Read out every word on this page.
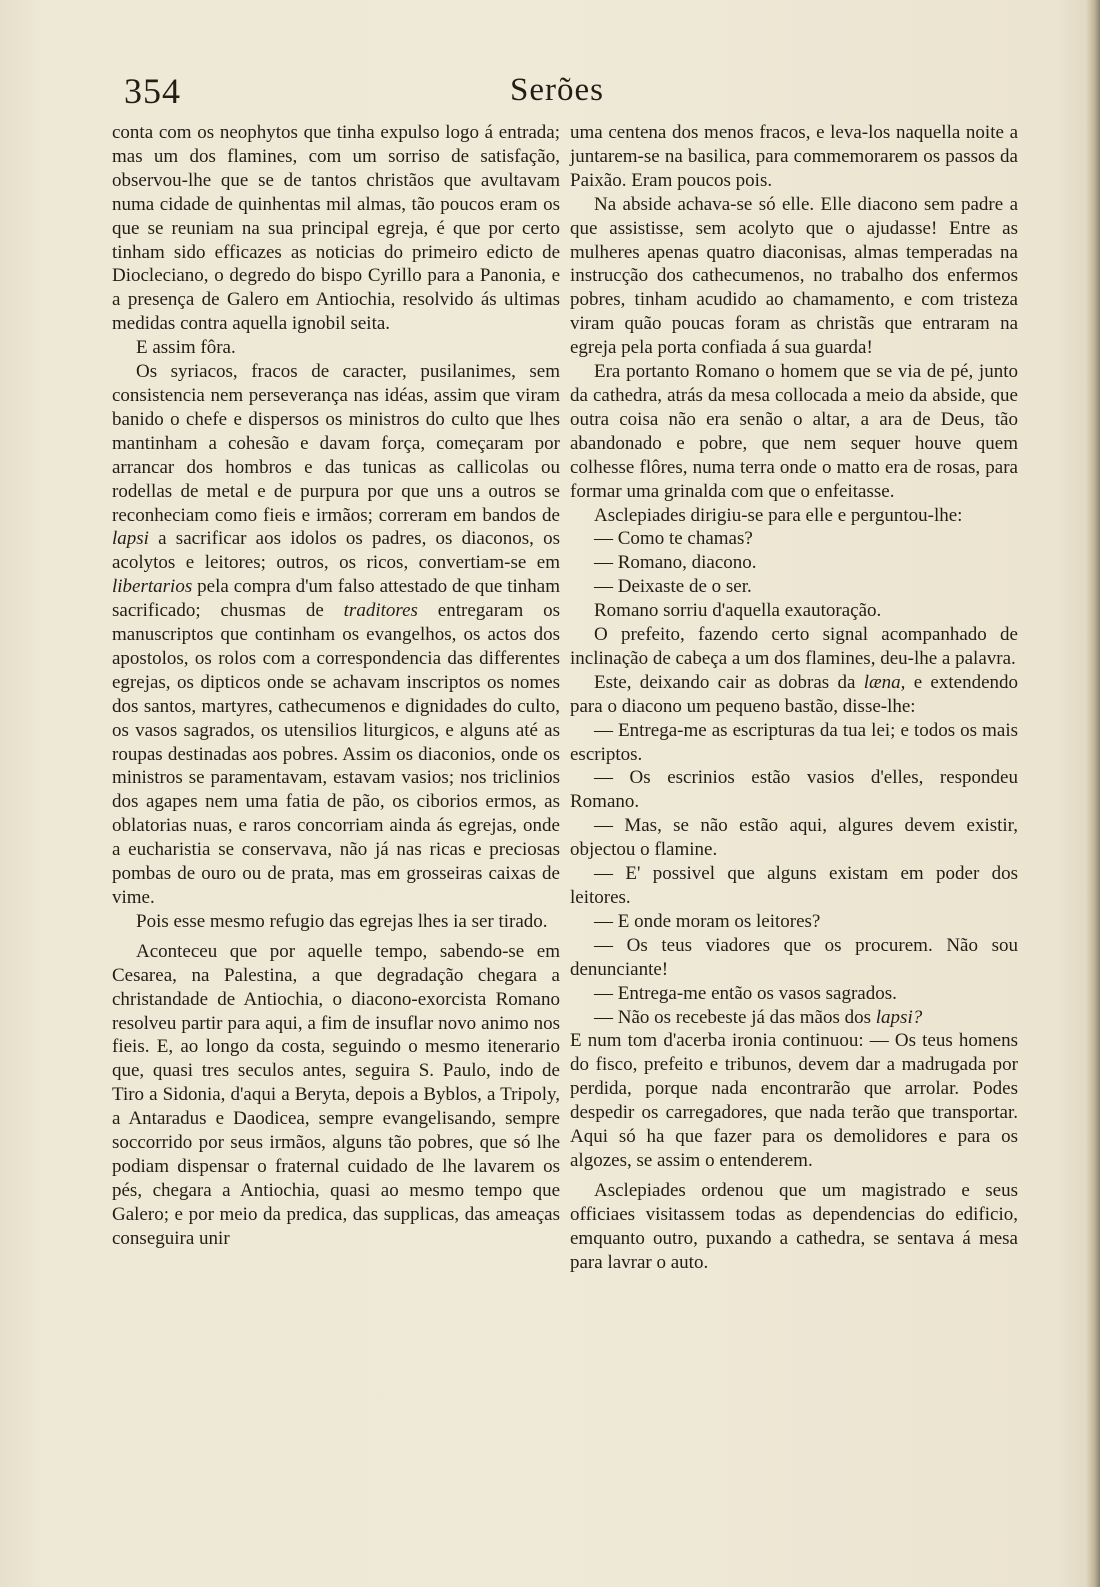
354	Serões

conta com os neophytos que tinha expulso logo á entrada; mas um dos flamines, com um sorriso de satisfação, observou-lhe que se de tantos christãos que avultavam numa cidade de quinhentas mil almas, tão poucos eram os que se reuniam na sua principal egreja, é que por certo tinham sido efficazes as noticias do primeiro edicto de Diocleciano, o degredo do bispo Cyrillo para a Panonia, e a presença de Galero em Antiochia, resolvido ás ultimas medidas contra aquella ignobil seita.

E assim fôra.

Os syriacos, fracos de caracter, pusilanimes, sem consistencia nem perseverança nas idéas, assim que viram banido o chefe e dispersos os ministros do culto que lhes mantinham a cohesão e davam força, começaram por arrancar dos hombros e das tunicas as callicolas ou rodellas de metal e de purpura por que uns a outros se reconheciam como fieis e irmãos; correram em bandos de lapsi a sacrificar aos idolos os padres, os diaconos, os acolytos e leitores; outros, os ricos, convertiam-se em libertarios pela compra d'um falso attestado de que tinham sacrificado; chusmas de traditores entregaram os manuscriptos que continham os evangelhos, os actos dos apostolos, os rolos com a correspondencia das differentes egrejas, os dipticos onde se achavam inscriptos os nomes dos santos, martyres, cathecumenos e dignidades do culto, os vasos sagrados, os utensilios liturgicos, e alguns até as roupas destinadas aos pobres. Assim os diaconios, onde os ministros se paramentavam, estavam vasios; nos triclinios dos agapes nem uma fatia de pão, os ciborios ermos, as oblatorias nuas, e raros concorriam ainda ás egrejas, onde a eucharistia se conservava, não já nas ricas e preciosas pombas de ouro ou de prata, mas em grosseiras caixas de vime.

Pois esse mesmo refugio das egrejas lhes ia ser tirado.

Aconteceu que por aquelle tempo, sabendo-se em Cesarea, na Palestina, a que degradação chegara a christandade de Antiochia, o diacono-exorcista Romano resolveu partir para aqui, a fim de insuflar novo animo nos fieis. E, ao longo da costa, seguindo o mesmo itenerario que, quasi tres seculos antes, seguira S. Paulo, indo de Tiro a Sidonia, d'aqui a Beryta, depois a Byblos, a Tripoly, a Antaradus e Daodicea, sempre evangelisando, sempre soccorrido por seus irmãos, alguns tão pobres, que só lhe podiam dispensar o fraternal cuidado de lhe lavarem os pés, chegara a Antiochia, quasi ao mesmo tempo que Galero; e por meio da predica, das supplicas, das ameaças conseguira unir

uma centena dos menos fracos, e leva-los naquella noite a juntarem-se na basilica, para commemorarem os passos da Paixão. Eram poucos pois.

Na abside achava-se só elle. Elle diacono sem padre a que assistisse, sem acolyto que o ajudasse! Entre as mulheres apenas quatro diaconisas, almas temperadas na instrucção dos cathecumenos, no trabalho dos enfermos pobres, tinham acudido ao chamamento, e com tristeza viram quão poucas foram as christãs que entraram na egreja pela porta confiada á sua guarda!

Era portanto Romano o homem que se via de pé, junto da cathedra, atrás da mesa collocada a meio da abside, que outra coisa não era senão o altar, a ara de Deus, tão abandonado e pobre, que nem sequer houve quem colhesse flôres, numa terra onde o matto era de rosas, para formar uma grinalda com que o enfeitasse.

Asclepiades dirigiu-se para elle e perguntou-lhe:

— Como te chamas?

— Romano, diacono.

— Deixaste de o ser.

Romano sorriu d'aquella exautoração.

O prefeito, fazendo certo signal acompanhado de inclinação de cabeça a um dos flamines, deu-lhe a palavra.

Este, deixando cair as dobras da læna, e extendendo para o diacono um pequeno bastão, disse-lhe:

— Entrega-me as escripturas da tua lei; e todos os mais escriptos.

— Os escrinios estão vasios d'elles, respondeu Romano.

— Mas, se não estão aqui, algures devem existir, objectou o flamine.

— E' possivel que alguns existam em poder dos leitores.

— E onde moram os leitores?

— Os teus viadores que os procurem. Não sou denunciante!

— Entrega-me então os vasos sagrados.

— Não os recebeste já das mãos dos lapsi?

E num tom d'acerba ironia continuou: — Os teus homens do fisco, prefeito e tribunos, devem dar a madrugada por perdida, porque nada encontrarão que arrolar. Podes despedir os carregadores, que nada terão que transportar. Aqui só ha que fazer para os demolidores e para os algozes, se assim o entenderem.

Asclepiades ordenou que um magistrado e seus officiaes visitassem todas as dependencias do edificio, emquanto outro, puxando a cathedra, se sentava á mesa para lavrar o auto.
